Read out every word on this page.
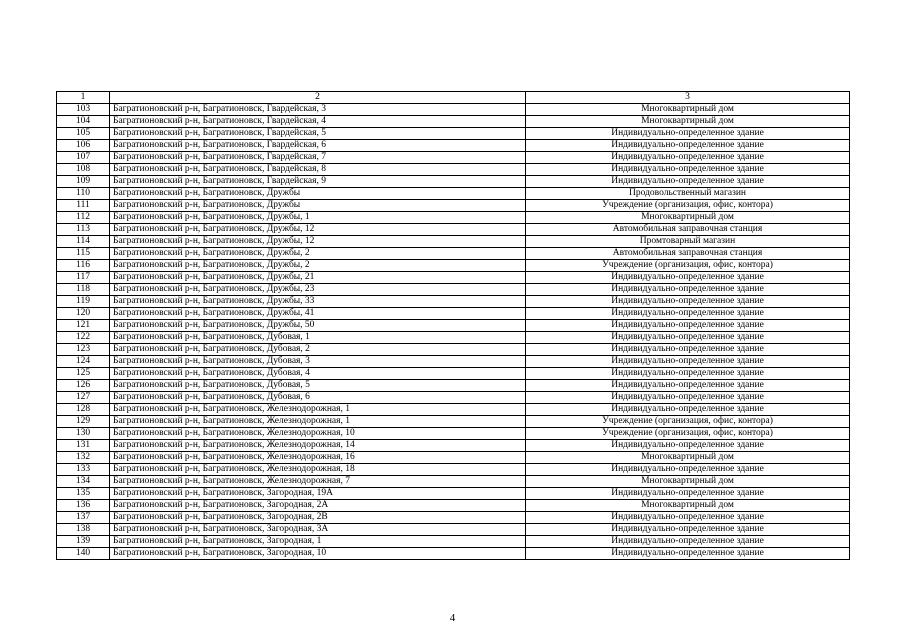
1	2	3
103	Багратионовский р-н, Багратионовск, Гвардейская, 3	Многоквартирный дом
104	Багратионовский р-н, Багратионовск, Гвардейская, 4	Многоквартирный дом
105	Багратионовский р-н, Багратионовск, Гвардейская, 5	Индивидуально-определенное здание
106	Багратионовский р-н, Багратионовск, Гвардейская, 6	Индивидуально-определенное здание
107	Багратионовский р-н, Багратионовск, Гвардейская, 7	Индивидуально-определенное здание
108	Багратионовский р-н, Багратионовск, Гвардейская, 8	Индивидуально-определенное здание
109	Багратионовский р-н, Багратионовск, Гвардейская, 9	Индивидуально-определенное здание
110	Багратионовский р-н, Багратионовск, Дружбы	Продовольственный магазин
111	Багратионовский р-н, Багратионовск, Дружбы	Учреждение (организация, офис, контора)
112	Багратионовский р-н, Багратионовск, Дружбы, 1	Многоквартирный дом
113	Багратионовский р-н, Багратионовск, Дружбы, 12	Автомобильная заправочная станция
114	Багратионовский р-н, Багратионовск, Дружбы, 12	Промтоварный магазин
115	Багратионовский р-н, Багратионовск, Дружбы, 2	Автомобильная заправочная станция
116	Багратионовский р-н, Багратионовск, Дружбы, 2	Учреждение (организация, офис, контора)
117	Багратионовский р-н, Багратионовск, Дружбы, 21	Индивидуально-определенное здание
118	Багратионовский р-н, Багратионовск, Дружбы, 23	Индивидуально-определенное здание
119	Багратионовский р-н, Багратионовск, Дружбы, 33	Индивидуально-определенное здание
120	Багратионовский р-н, Багратионовск, Дружбы, 41	Индивидуально-определенное здание
121	Багратионовский р-н, Багратионовск, Дружбы, 50	Индивидуально-определенное здание
122	Багратионовский р-н, Багратионовск, Дубовая, 1	Индивидуально-определенное здание
123	Багратионовский р-н, Багратионовск, Дубовая, 2	Индивидуально-определенное здание
124	Багратионовский р-н, Багратионовск, Дубовая, 3	Индивидуально-определенное здание
125	Багратионовский р-н, Багратионовск, Дубовая, 4	Индивидуально-определенное здание
126	Багратионовский р-н, Багратионовск, Дубовая, 5	Индивидуально-определенное здание
127	Багратионовский р-н, Багратионовск, Дубовая, 6	Индивидуально-определенное здание
128	Багратионовский р-н, Багратионовск, Железнодорожная, 1	Индивидуально-определенное здание
129	Багратионовский р-н, Багратионовск, Железнодорожная, 1	Учреждение (организация, офис, контора)
130	Багратионовский р-н, Багратионовск, Железнодорожная, 10	Учреждение (организация, офис, контора)
131	Багратионовский р-н, Багратионовск, Железнодорожная, 14	Индивидуально-определенное здание
132	Багратионовский р-н, Багратионовск, Железнодорожная, 16	Многоквартирный дом
133	Багратионовский р-н, Багратионовск, Железнодорожная, 18	Индивидуально-определенное здание
134	Багратионовский р-н, Багратионовск, Железнодорожная, 7	Многоквартирный дом
135	Багратионовский р-н, Багратионовск, Загородная, 19А	Индивидуально-определенное здание
136	Багратионовский р-н, Багратионовск, Загородная, 2А	Многоквартирный дом
137	Багратионовский р-н, Багратионовск, Загородная, 2В	Индивидуально-определенное здание
138	Багратионовский р-н, Багратионовск, Загородная, 3А	Индивидуально-определенное здание
139	Багратионовский р-н, Багратионовск, Загородная, 1	Индивидуально-определенное здание
140	Багратионовский р-н, Багратионовск, Загородная, 10	Индивидуально-определенное здание
4
